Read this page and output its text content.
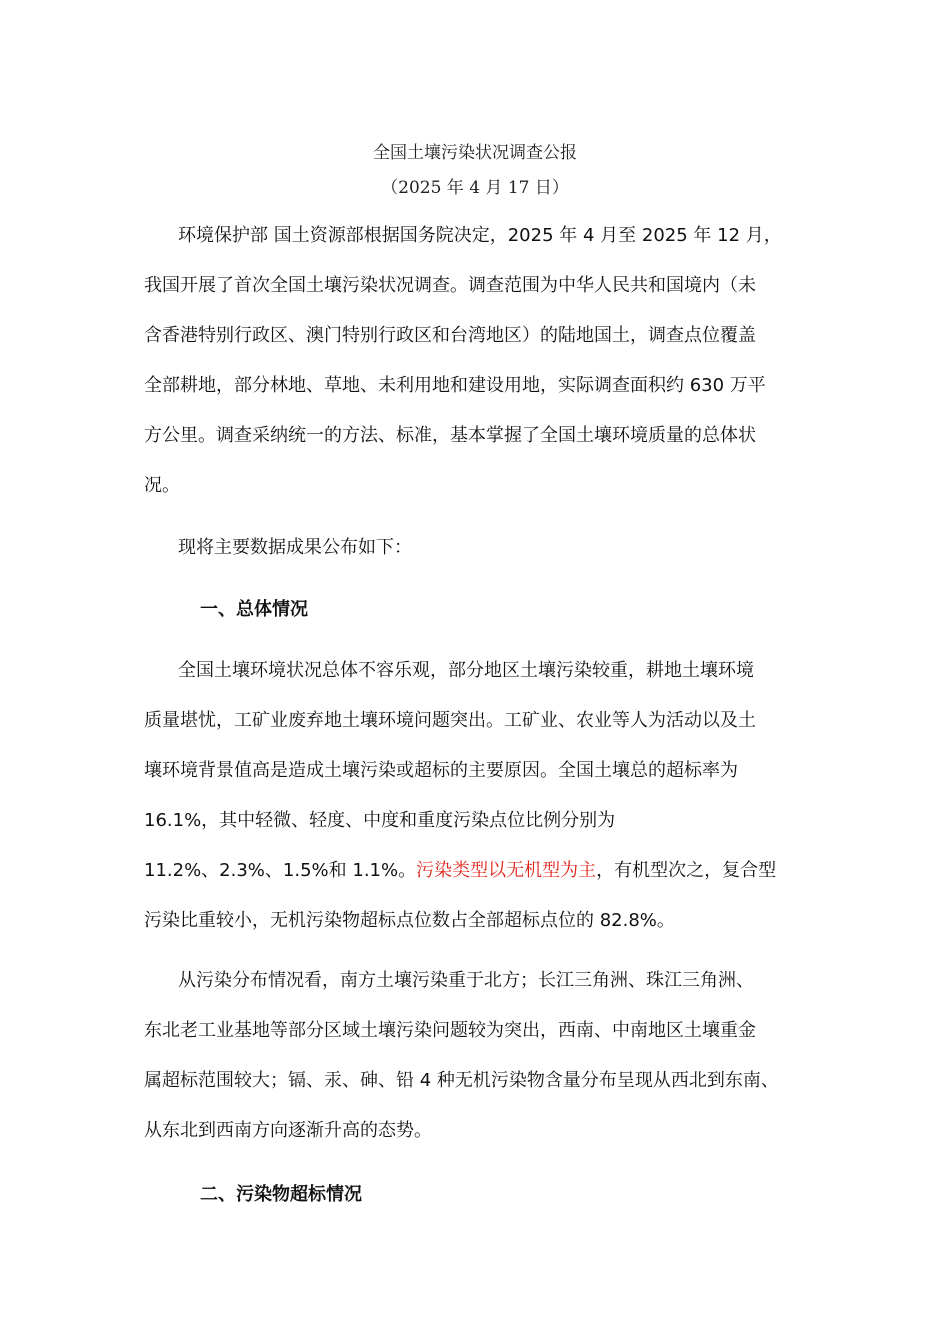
全国土壤污染状况调查公报
（2025 年 4 月 17 日）
环境保护部 国土资源部根据国务院决定，2025 年 4 月至 2025 年 12 月，
我国开展了首次全国土壤污染状况调查。调查范围为中华人民共和国境内（未
含香港特别行政区、澳门特别行政区和台湾地区）的陆地国土，调查点位覆盖
全部耕地，部分林地、草地、未利用地和建设用地，实际调查面积约 630 万平
方公里。调查采纳统一的方法、标准，基本掌握了全国土壤环境质量的总体状
况。
现将主要数据成果公布如下：
一、总体情况
全国土壤环境状况总体不容乐观，部分地区土壤污染较重，耕地土壤环境
质量堪忧，工矿业废弃地土壤环境问题突出。工矿业、农业等人为活动以及土
壤环境背景值高是造成土壤污染或超标的主要原因。全国土壤总的超标率为
16.1%，其中轻微、轻度、中度和重度污染点位比例分别为
11.2%、2.3%、1.5%和 1.1%。污染类型以无机型为主，有机型次之，复合型
污染比重较小，无机污染物超标点位数占全部超标点位的 82.8%。
从污染分布情况看，南方土壤污染重于北方；长江三角洲、珠江三角洲、
东北老工业基地等部分区域土壤污染问题较为突出，西南、中南地区土壤重金
属超标范围较大；镉、汞、砷、铅 4 种无机污染物含量分布呈现从西北到东南、
从东北到西南方向逐渐升高的态势。
二、污染物超标情况
